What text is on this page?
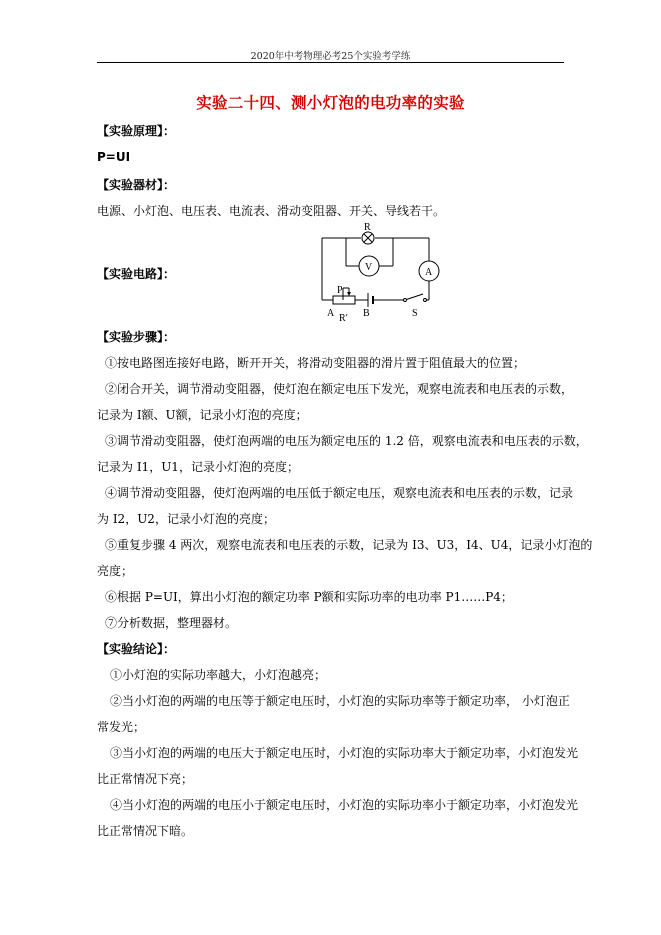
2020年中考物理必考25个实验考学练
实验二十四、测小灯泡的电功率的实验
【实验原理】：
P=UI
【实验器材】：
电源、小灯泡、电压表、电流表、滑动变阻器、开关、导线若干。
【实验电路】：
R
V	A
P
A R′ B	S
【实验步骤】：
①按电路图连接好电路，断开开关，将滑动变阻器的滑片置于阻值最大的位置；
②闭合开关，调节滑动变阻器，使灯泡在额定电压下发光，观察电流表和电压表的示数，
记录为 I额、U额，记录小灯泡的亮度；
③调节滑动变阻器，使灯泡两端的电压为额定电压的 1.2 倍，观察电流表和电压表的示数，
记录为 I1，U1，记录小灯泡的亮度；
④调节滑动变阻器，使灯泡两端的电压低于额定电压，观察电流表和电压表的示数，记录
为 I2，U2，记录小灯泡的亮度；
⑤重复步骤 4 两次，观察电流表和电压表的示数，记录为 I3、U3，I4、U4，记录小灯泡的
亮度；
⑥根据 P=UI，算出小灯泡的额定功率 P额和实际功率的电功率 P1……P4；
⑦分析数据，整理器材。
【实验结论】：
①小灯泡的实际功率越大，小灯泡越亮；
②当小灯泡的两端的电压等于额定电压时，小灯泡的实际功率等于额定功率， 小灯泡正
常发光；
③当小灯泡的两端的电压大于额定电压时，小灯泡的实际功率大于额定功率，小灯泡发光
比正常情况下亮；
④当小灯泡的两端的电压小于额定电压时，小灯泡的实际功率小于额定功率，小灯泡发光
比正常情况下暗。
